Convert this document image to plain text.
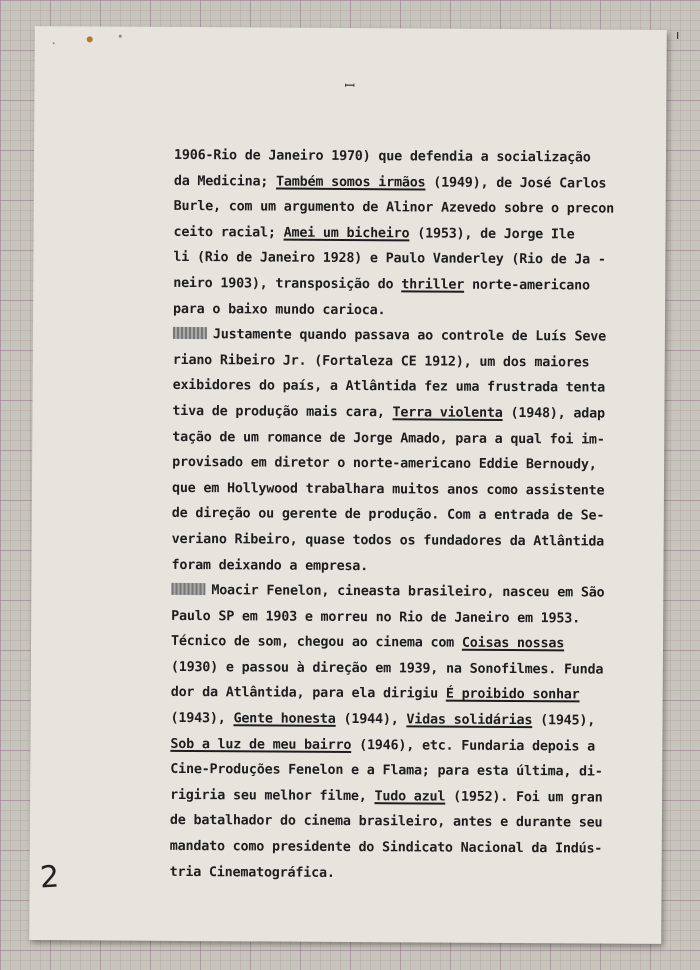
ꟷ
1906-Rio de Janeiro 1970) que defendia a socialização
da Medicina; Também somos irmãos (1949), de José Carlos
Burle, com um argumento de Alinor Azevedo sobre o precon
ceito racial; Amei um bicheiro (1953), de Jorge Ile
li (Rio de Janeiro 1928) e Paulo Vanderley (Rio de Ja -
neiro 1903), transposição do thriller norte-americano
para o baixo mundo carioca.
Justamente quando passava ao controle de Luís Seve
riano Ribeiro Jr. (Fortaleza CE 1912), um dos maiores
exibidores do país, a Atlântida fez uma frustrada tenta
tiva de produção mais cara, Terra violenta (1948), adap
tação de um romance de Jorge Amado, para a qual foi im-
provisado em diretor o norte-americano Eddie Bernoudy,
que em Hollywood trabalhara muitos anos como assistente
de direção ou gerente de produção. Com a entrada de Se-
veriano Ribeiro, quase todos os fundadores da Atlântida
foram deixando a empresa.
Moacir Fenelon, cineasta brasileiro, nasceu em São
Paulo SP em 1903 e morreu no Rio de Janeiro em 1953.
Técnico de som, chegou ao cinema com Coisas nossas
(1930) e passou à direção em 1939, na Sonofilmes. Funda
dor da Atlântida, para ela dirigiu É proibido sonhar
(1943), Gente honesta (1944), Vidas solidárias (1945),
Sob a luz de meu bairro (1946), etc. Fundaria depois a
Cine-Produções Fenelon e a Flama; para esta última, di-
rigiria seu melhor filme, Tudo azul (1952). Foi um gran
de batalhador do cinema brasileiro, antes e durante seu
mandato como presidente do Sindicato Nacional da Indús-
tria Cinematográfica.
2
ı
